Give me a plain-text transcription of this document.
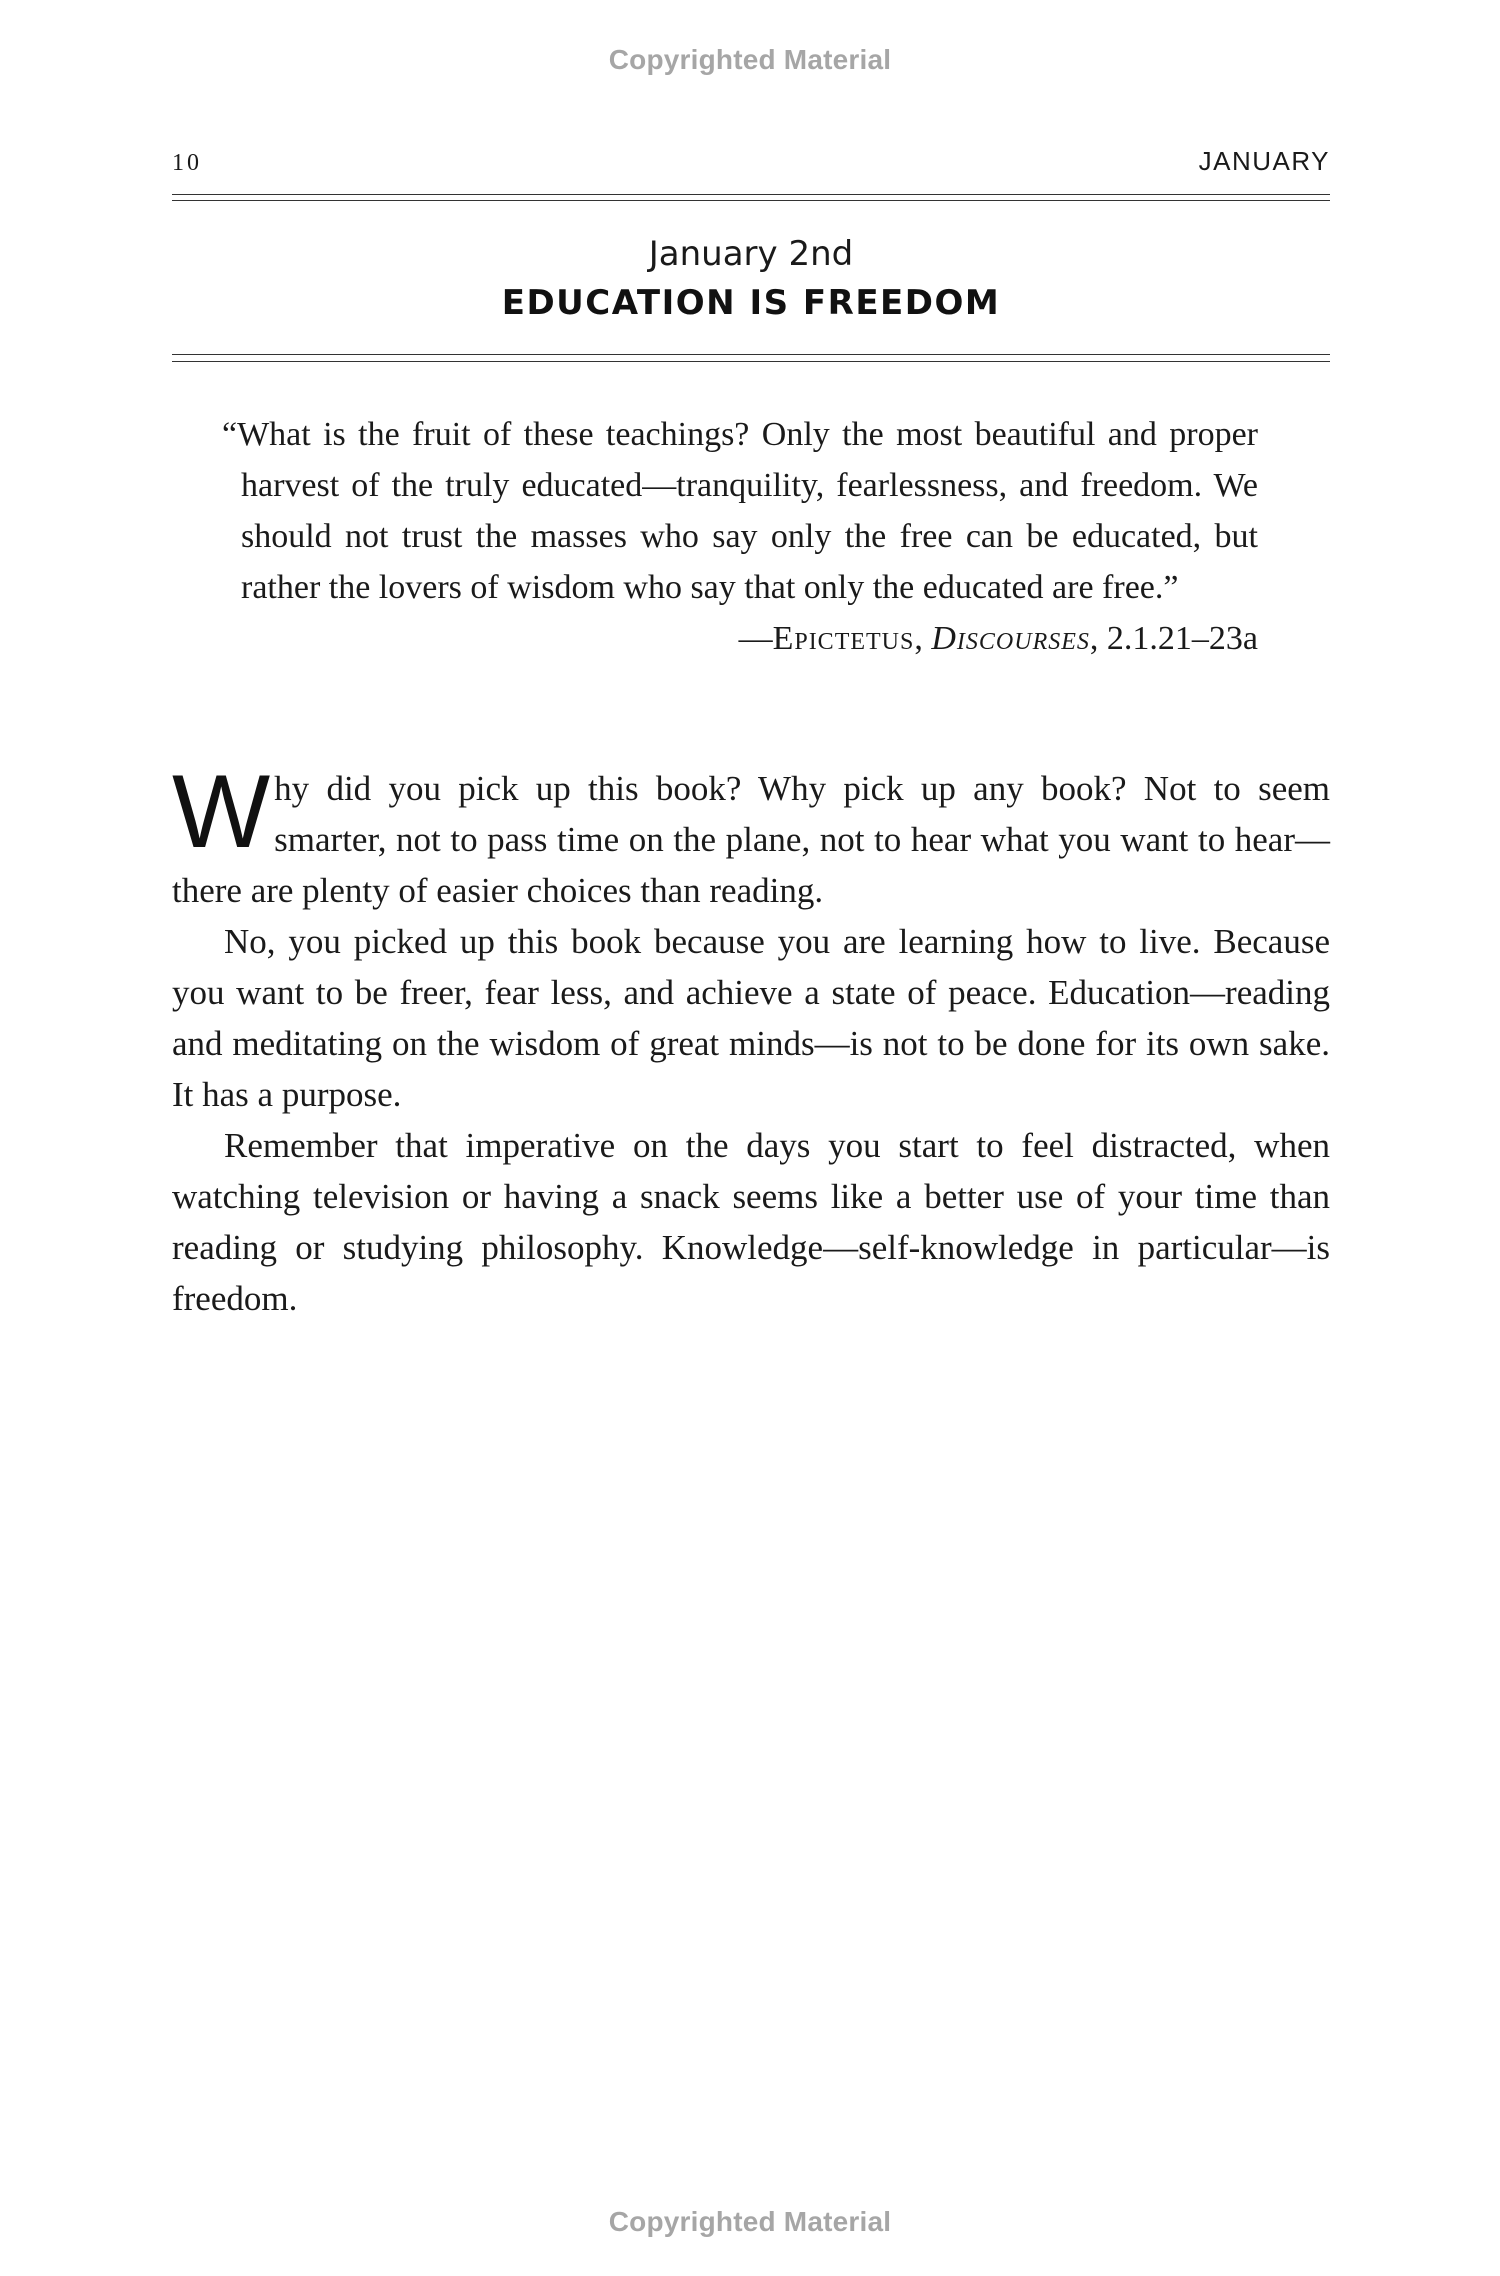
Copyrighted Material
10	JANUARY
January 2nd
EDUCATION IS FREEDOM

“What is the fruit of these teachings? Only the most beautiful and proper harvest of the truly educated—tranquility, fearlessness, and freedom. We should not trust the masses who say only the free can be educated, but rather the lovers of wisdom who say that only the educated are free.”

—Epictetus, Discourses, 2.1.21–23a

Why did you pick up this book? Why pick up any book? Not to seem smarter, not to pass time on the plane, not to hear what you want to hear—there are plenty of easier choices than reading.

No, you picked up this book because you are learning how to live. Because you want to be freer, fear less, and achieve a state of peace. Education—reading and meditating on the wisdom of great minds—is not to be done for its own sake. It has a purpose.

Remember that imperative on the days you start to feel distracted, when watching television or having a snack seems like a better use of your time than reading or studying philosophy. Knowledge—self-knowledge in particular—is freedom.

Copyrighted Material
